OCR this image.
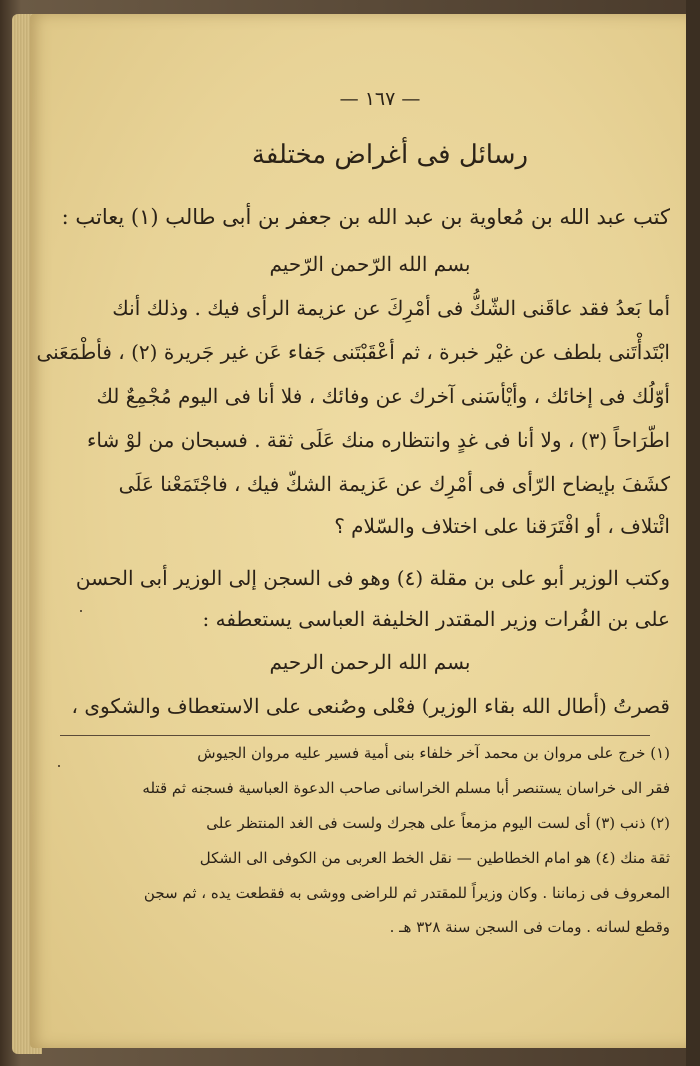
— ١٦٧ —
رسائل فى أغراض مختلفة
كتب عبد الله بن مُعاوية بن عبد الله بن جعفر بن أبى طالب (١) يعاتب :
بسم الله الرّحمن الرّحيم
أما بَعدُ فقد عاقَنى الشّكُّ فى أمْرِكَ عن عزيمة الرأى فيك . وذلك أنك
ابْتَدأْتَنى بلطف عن غيْر خبرة ، ثم أعْقَبْتَنى جَفاء عَن غير جَريرة (٢) ، فأطْمَعَنى
أوّلُك فى إخائك ، وأيْأسَنى آخرك عن وفائك ، فلا أنا فى اليوم مُجْمِعٌ لك
اطّرَاحاً (٣) ، ولا أنا فى غدٍ وانتظاره منك عَلَى ثقة . فسبحان من لوْ شاء
كشَفَ بإيضاح الرّأى فى أمْرِك عن عَزيمة الشكّ فيك ، فاجْتَمَعْنا عَلَى
ائْتلاف ، أو افْتَرَقنا على اختلاف والسّلام ؟
وكتب الوزير أبو على بن مقلة (٤) وهو فى السجن إلى الوزير أبى الحسن
على بن الفُرات وزير المقتدر الخليفة العباسى يستعطفه :
بسم الله الرحمن الرحيم
قصرتُ (أطال الله بقاء الوزير) فعْلى وصُنعى على الاستعطاف والشكوى ،
(١) خرج على مروان بن محمد آخر خلفاء بنى أمية فسير عليه مروان الجيوش
فقر الى خراسان يستنصر أبا مسلم الخراسانى صاحب الدعوة العباسية فسجنه ثم قتله
(٢) ذنب (٣) أى لست اليوم مزمعاً على هجرك ولست فى الغد المنتظر على
ثقة منك (٤) هو امام الخطاطين — نقل الخط العربى من الكوفى الى الشكل
المعروف فى زماننا . وكان وزيراً للمقتدر ثم للراضى ووشى به فقطعت يده ، ثم سجن
وقطع لسانه . ومات فى السجن سنة ٣٢٨ هـ .
